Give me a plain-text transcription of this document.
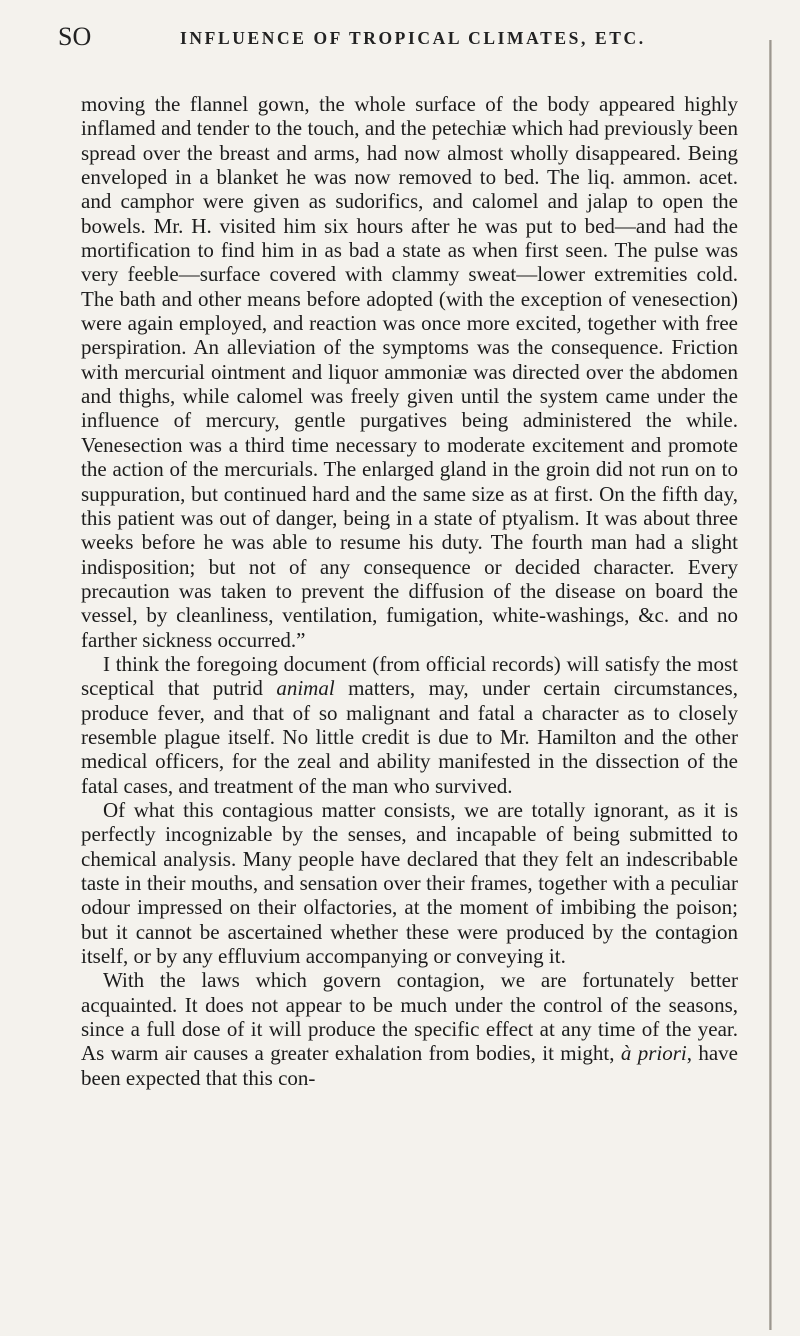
SO	INFLUENCE OF TROPICAL CLIMATES, ETC.

moving the flannel gown, the whole surface of the body appeared highly inflamed and tender to the touch, and the petechiæ which had previously been spread over the breast and arms, had now almost wholly disappeared. Being enveloped in a blanket he was now removed to bed. The liq. ammon. acet. and camphor were given as sudorifics, and calomel and jalap to open the bowels. Mr. H. visited him six hours after he was put to bed—and had the mortification to find him in as bad a state as when first seen. The pulse was very feeble—surface covered with clammy sweat—lower extremities cold. The bath and other means before adopted (with the exception of venesection) were again employed, and reaction was once more excited, together with free perspiration. An alleviation of the symptoms was the consequence. Friction with mercurial ointment and liquor ammoniæ was directed over the abdomen and thighs, while calomel was freely given until the system came under the influence of mercury, gentle purgatives being administered the while. Venesection was a third time necessary to moderate excitement and promote the action of the mercurials. The enlarged gland in the groin did not run on to suppuration, but continued hard and the same size as at first. On the fifth day, this patient was out of danger, being in a state of ptyalism. It was about three weeks before he was able to resume his duty. The fourth man had a slight indisposition; but not of any consequence or decided character. Every precaution was taken to prevent the diffusion of the disease on board the vessel, by cleanliness, ventilation, fumigation, white-washings, &c. and no farther sickness occurred.”

I think the foregoing document (from official records) will satisfy the most sceptical that putrid animal matters, may, under certain circumstances, produce fever, and that of so malignant and fatal a character as to closely resemble plague itself. No little credit is due to Mr. Hamilton and the other medical officers, for the zeal and ability manifested in the dissection of the fatal cases, and treatment of the man who survived.

Of what this contagious matter consists, we are totally ignorant, as it is perfectly incognizable by the senses, and incapable of being submitted to chemical analysis. Many people have declared that they felt an indescribable taste in their mouths, and sensation over their frames, together with a peculiar odour impressed on their olfactories, at the moment of imbibing the poison; but it cannot be ascertained whether these were produced by the contagion itself, or by any effluvium accompanying or conveying it.

With the laws which govern contagion, we are fortunately better acquainted. It does not appear to be much under the control of the seasons, since a full dose of it will produce the specific effect at any time of the year. As warm air causes a greater exhalation from bodies, it might, à priori, have been expected that this con-
